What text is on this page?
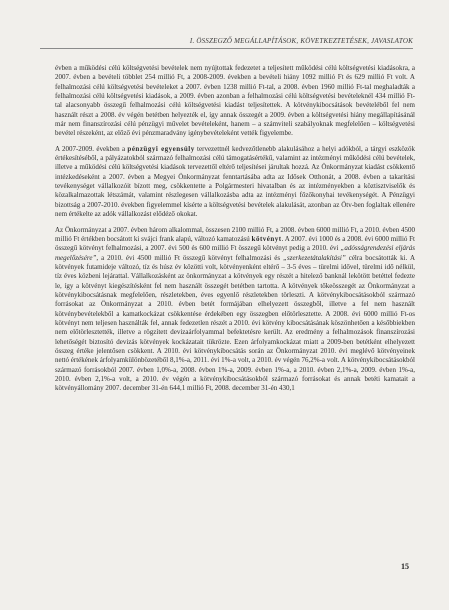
I. ÖSSZEGZŐ MEGÁLLAPÍTÁSOK, KÖVETKEZTETÉSEK, JAVASLATOK

évben a működési célú költségvetési bevételek nem nyújtottak fedezetet a teljesített működési célú költségvetési kiadásokra, a 2007. évben a bevételi többlet 254 millió Ft, a 2008-2009. években a bevételi hiány 1092 millió Ft és 629 millió Ft volt. A felhalmozási célú költségvetési bevételeket a 2007. évben 1238 millió Ft-tal, a 2008. évben 1960 millió Ft-tal meghaladták a felhalmozási célú költségvetési kiadások, a 2009. évben azonban a felhalmozási célú költségvetési bevételeknél 434 millió Ft-tal alacsonyabb összegű felhalmozási célú költségvetési kiadást teljesítettek. A kötvénykibocsátások bevételéből fel nem használt részt a 2008. év végén betétben helyezték el, így annak összegét a 2009. évben a költségvetési hiány megállapításánál már nem finanszírozási célú pénzügyi művelet bevételeként, hanem – a számviteli szabályoknak megfelelően – költségvetési bevétel részeként, az előző évi pénzmaradvány igénybevételeként vették figyelembe.

A 2007-2009. években a pénzügyi egyensúly tervezettnél kedvezőtlenebb alakulásához a helyi adókból, a tárgyi eszközök értékesítéséből, a pályázatokból származó felhalmozási célú támogatásértékű, valamint az intézményi működési célú bevételek, illetve a működési célú költségvetési kiadások tervezettől eltérő teljesítései járultak hozzá. Az Önkormányzat kiadást csökkentő intézkedéseként a 2007. évben a Megyei Önkormányzat fenntartásába adta az Idősek Otthonát, a 2008. évben a takarítási tevékenységet vállalkozóit bízott meg, csökkentette a Polgármesteri hivatalban és az intézményekben a köztisztviselők és közalkalmazottak létszámát, valamint részlegesen vállalkozásba adta az intézményi főzőkonyhai tevékenységét. A Pénzügyi bizottság a 2007-2010. években figyelemmel kísérte a költségvetési bevételek alakulását, azonban az Ötv-ben foglaltak ellenére nem értékelte az adók vállalkozást elődéző okokat.

Az Önkormányzat a 2007. évben három alkalommal, összesen 2100 millió Ft, a 2008. évben 6000 millió Ft, a 2010. évben 4500 millió Ft értékben bocsátott ki svájci frank alapú, változó kamatozású kötvényt. A 2007. évi 1000 és a 2008. évi 6000 millió Ft összegű kötvényt felhalmozási, a 2007. évi 500 és 600 millió Ft összegű kötvényt pedig a 2010. évi „adósságrendezési eljárás megelőzésére”, a 2010. évi 4500 millió Ft összegű kötvényt felhalmozási és „szerkezetátalakítási” célra bocsátották ki. A kötvények futamideje változó, tíz és húsz év közötti volt, kötvényenként eltérő – 3-5 éves – türelmi idővel, türelmi idő nélkül, tíz éves közbeni lejárattal. Vállalkozásként az önkormányzat a kötvények egy részét a hitelező banknál lekötött betéttel fedezte le, így a kötvényt kiegészítésként fel nem használt összegét betétben tartotta. A kötvények tőkeösszegét az Önkormányzat a kötvénykibocsátásnak megfelelően, részletekben, éves egyenlő részletekben törleszti. A kötvénykibocsátásokból származó forrásokat az Önkormányzat a 2010. évben betét formájában elhelyezett összegből, illetve a fel nem használt kötvénybevételekből a kamatkockázat csökkentése érdekében egy összegben előtörlesztette. A 2008. évi 6000 millió Ft-os kötvényt nem teljesen használták fel, annak fedezetlen részét a 2010. évi kötvény kibocsátásának köszönhetően a későbbiekben nem előtörlesztették, illetve a rögzített devizaárfolyammal befektetésre került. Az eredmény a felhalmozások finanszírozási lehetőségét biztosító devizás kötvények kockázatait tükrözte. Ezen árfolyamkockázat miatt a 2009-ben betétként elhelyezett összeg értéke jelentősen csökkent. A 2010. évi kötvénykibocsátás során az Önkormányzat 2010. évi meglévő kötvényeinek nettó értékének árfolyamkülönbözetéből 8,1%-a, 2011. évi 1%-a volt, a 2010. év végén 76,2%-a volt. A kötvénykibocsátásokból származó forrásokból 2007. évben 1,0%-a, 2008. évben 1%-a, 2009. évben 1%-a, a 2010. évben 2,1%-a, 2009. évben 1%-a, 2010. évben 2,1%-a volt, a 2010. év végén a kötvénykibocsátásokból származó forrásokat és annak betéti kamatait a kötvényállomány 2007. december 31-én 644,1 millió Ft, 2008. december 31-én 430,1

15
